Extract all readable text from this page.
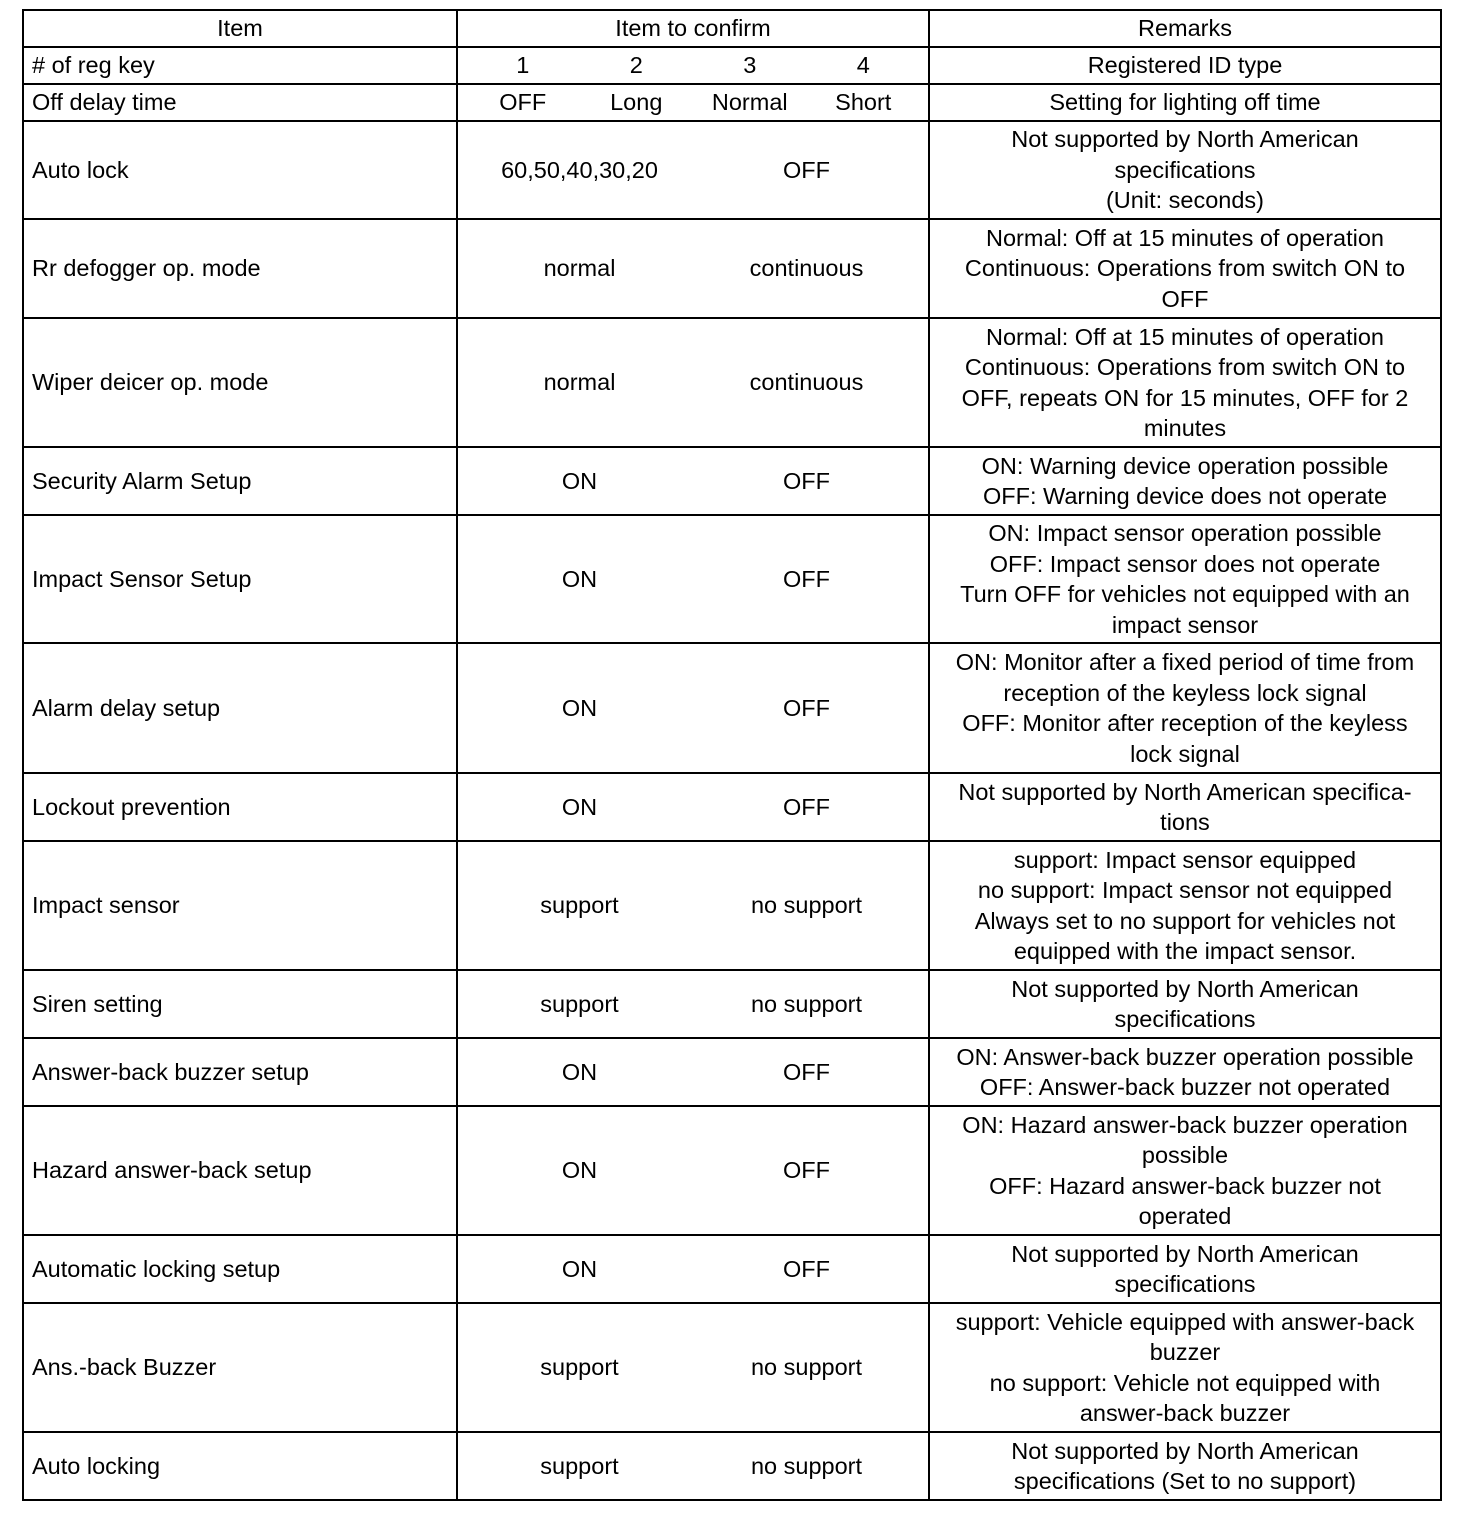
Item	Item to confirm	Remarks
# of reg key	1 2 3 4	Registered ID type
Off delay time	OFF Long Normal Short	Setting for lighting off time
Auto lock	60,50,40,30,20 OFF	Not supported by North American
specifications
(Unit: seconds)

Rr defogger op. mode	normal continuous	Normal: Off at 15 minutes of operation
Continuous: Operations from switch ON to
OFF

Wiper deicer op. mode	normal continuous	Normal: Off at 15 minutes of operation
Continuous: Operations from switch ON to
OFF, repeats ON for 15 minutes, OFF for 2
minutes

Security Alarm Setup	ON OFF	ON: Warning device operation possible
OFF: Warning device does not operate

Impact Sensor Setup	ON OFF	ON: Impact sensor operation possible
OFF: Impact sensor does not operate
Turn OFF for vehicles not equipped with an
impact sensor

Alarm delay setup	ON OFF	ON: Monitor after a fixed period of time from
reception of the keyless lock signal
OFF: Monitor after reception of the keyless
lock signal

Lockout prevention	ON OFF	Not supported by North American specifica-
tions

Impact sensor	support no support	support: Impact sensor equipped
no support: Impact sensor not equipped
Always set to no support for vehicles not
equipped with the impact sensor.

Siren setting	support no support	Not supported by North American
specifications

Answer-back buzzer setup	ON OFF	ON: Answer-back buzzer operation possible
OFF: Answer-back buzzer not operated

Hazard answer-back setup	ON OFF	ON: Hazard answer-back buzzer operation
possible
OFF: Hazard answer-back buzzer not
operated

Automatic locking setup	ON OFF	Not supported by North American
specifications

Ans.-back Buzzer	support no support	support: Vehicle equipped with answer-back
buzzer
no support: Vehicle not equipped with
answer-back buzzer

Auto locking	support no support	Not supported by North American
specifications (Set to no support)
